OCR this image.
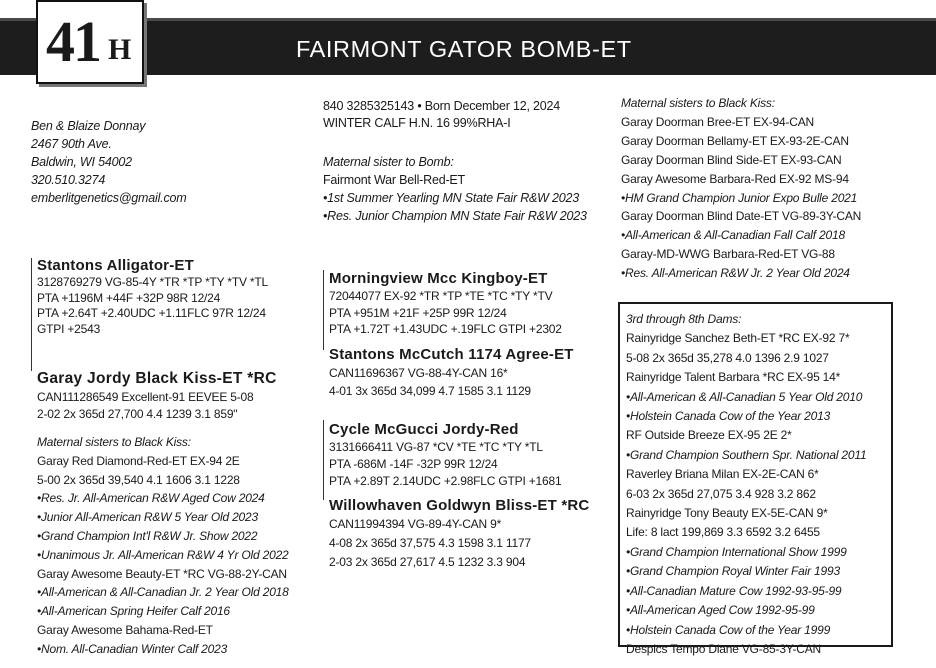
FAIRMONT GATOR BOMB-ET
41 H
Ben & Blaize Donnay
2467 90th Ave.
Baldwin, WI 54002
320.510.3274
emberlitgenetics@gmail.com
840 3285325143 • Born December 12, 2024
WINTER CALF H.N. 16 99%RHA-I
Maternal sister to Bomb:
Fairmont War Bell-Red-ET
•1st Summer Yearling MN State Fair R&W 2023
•Res. Junior Champion MN State Fair R&W 2023
Stantons Alligator-ET
3128769279 VG-85-4Y *TR *TP *TY *TV *TL
PTA +1196M +44F +32P 98R 12/24
PTA +2.64T +2.40UDC +1.11FLC 97R 12/24
GTPI +2543
Garay Jordy Black Kiss-ET *RC
CAN111286549 Excellent-91 EEVEE 5-08
2-02 2x 365d 27,700 4.4 1239 3.1 859"
Maternal sisters to Black Kiss:
Garay Red Diamond-Red-ET EX-94 2E
5-00 2x 365d 39,540 4.1 1606 3.1 1228
•Res. Jr. All-American R&W Aged Cow 2024
•Junior All-American R&W 5 Year Old 2023
•Grand Champion Int'l R&W Jr. Show 2022
•Unanimous Jr. All-American R&W 4 Yr Old 2022
Garay Awesome Beauty-ET *RC VG-88-2Y-CAN
•All-American & All-Canadian Jr. 2 Year Old 2018
•All-American Spring Heifer Calf 2016
Garay Awesome Bahama-Red-ET
•Nom. All-Canadian Winter Calf 2023
Morningview Mcc Kingboy-ET
72044077 EX-92 *TR *TP *TE *TC *TY *TV
PTA +951M +21F +25P 99R 12/24
PTA +1.72T +1.43UDC +.19FLC GTPI +2302
Stantons McCutch 1174 Agree-ET
CAN11696367 VG-88-4Y-CAN 16*
4-01 3x 365d 34,099 4.7 1585 3.1 1129
Cycle McGucci Jordy-Red
3131666411 VG-87 *CV *TE *TC *TY *TL
PTA -686M -14F -32P 99R 12/24
PTA +2.89T 2.14UDC +2.98FLC GTPI +1681
Willowhaven Goldwyn Bliss-ET *RC
CAN11994394 VG-89-4Y-CAN 9*
4-08 2x 365d 37,575 4.3 1598 3.1 1177
2-03 2x 365d 27,617 4.5 1232 3.3 904
Maternal sisters to Black Kiss:
Garay Doorman Bree-ET EX-94-CAN
Garay Doorman Bellamy-ET EX-93-2E-CAN
Garay Doorman Blind Side-ET EX-93-CAN
Garay Awesome Barbara-Red EX-92 MS-94
•HM Grand Champion Junior Expo Bulle 2021
Garay Doorman Blind Date-ET VG-89-3Y-CAN
•All-American & All-Canadian Fall Calf 2018
Garay-MD-WWG Barbara-Red-ET VG-88
•Res. All-American R&W Jr. 2 Year Old 2024
3rd through 8th Dams:
Rainyridge Sanchez Beth-ET *RC EX-92 7*
5-08 2x 365d 35,278 4.0 1396 2.9 1027
Rainyridge Talent Barbara *RC EX-95 14*
•All-American & All-Canadian 5 Year Old 2010
•Holstein Canada Cow of the Year 2013
RF Outside Breeze EX-95 2E 2*
•Grand Champion Southern Spr. National 2011
Raverley Briana Milan EX-2E-CAN 6*
6-03 2x 365d 27,075 3.4 928 3.2 862
Rainyridge Tony Beauty EX-5E-CAN 9*
Life: 8 lact 199,869 3.3 6592 3.2 6455
•Grand Champion International Show 1999
•Grand Champion Royal Winter Fair 1993
•All-Canadian Mature Cow 1992-93-95-99
•All-American Aged Cow 1992-95-99
•Holstein Canada Cow of the Year 1999
Despics Tempo Diane VG-85-3Y-CAN
